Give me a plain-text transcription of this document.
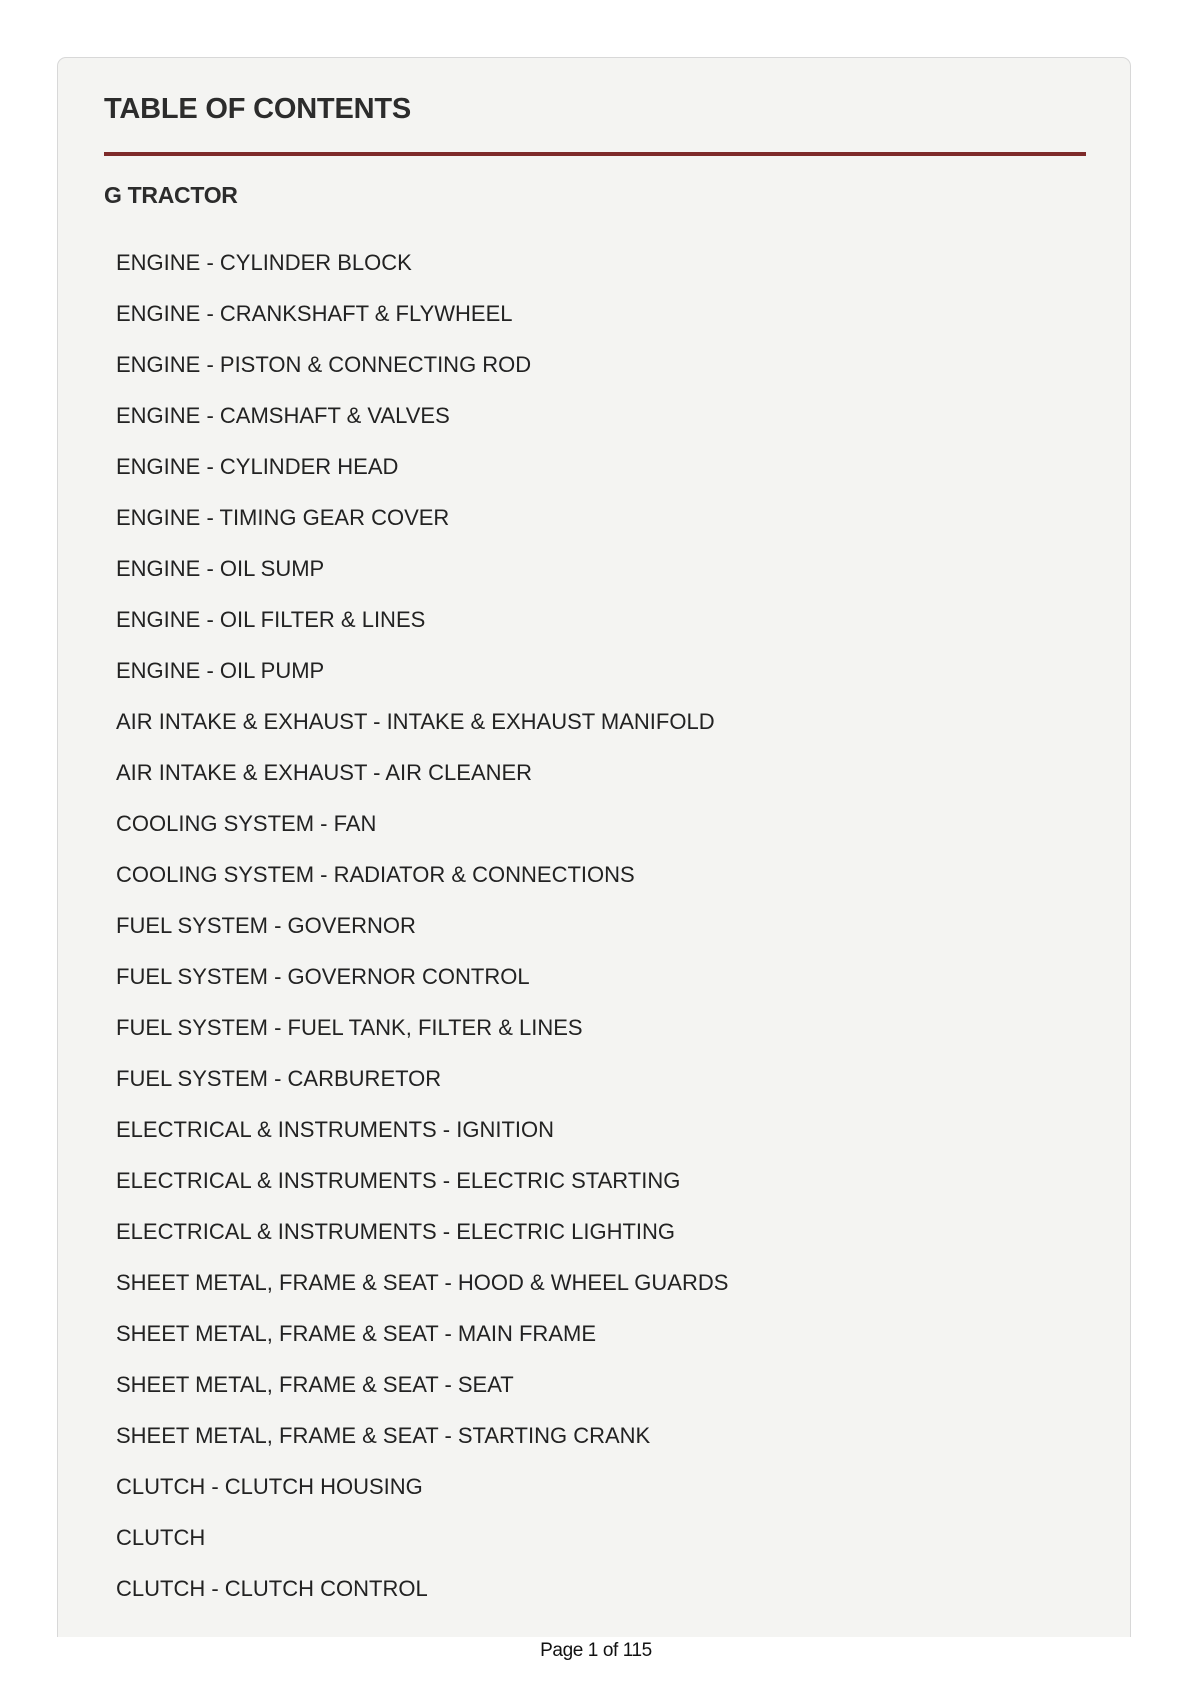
TABLE OF CONTENTS
G TRACTOR
ENGINE - CYLINDER BLOCK
ENGINE - CRANKSHAFT & FLYWHEEL
ENGINE - PISTON & CONNECTING ROD
ENGINE - CAMSHAFT & VALVES
ENGINE - CYLINDER HEAD
ENGINE - TIMING GEAR COVER
ENGINE - OIL SUMP
ENGINE - OIL FILTER & LINES
ENGINE - OIL PUMP
AIR INTAKE & EXHAUST - INTAKE & EXHAUST MANIFOLD
AIR INTAKE & EXHAUST - AIR CLEANER
COOLING SYSTEM - FAN
COOLING SYSTEM - RADIATOR & CONNECTIONS
FUEL SYSTEM - GOVERNOR
FUEL SYSTEM - GOVERNOR CONTROL
FUEL SYSTEM - FUEL TANK, FILTER & LINES
FUEL SYSTEM - CARBURETOR
ELECTRICAL & INSTRUMENTS - IGNITION
ELECTRICAL & INSTRUMENTS - ELECTRIC STARTING
ELECTRICAL & INSTRUMENTS - ELECTRIC LIGHTING
SHEET METAL, FRAME & SEAT - HOOD & WHEEL GUARDS
SHEET METAL, FRAME & SEAT - MAIN FRAME
SHEET METAL, FRAME & SEAT - SEAT
SHEET METAL, FRAME & SEAT - STARTING CRANK
CLUTCH - CLUTCH HOUSING
CLUTCH
CLUTCH - CLUTCH CONTROL
Page 1 of 115
